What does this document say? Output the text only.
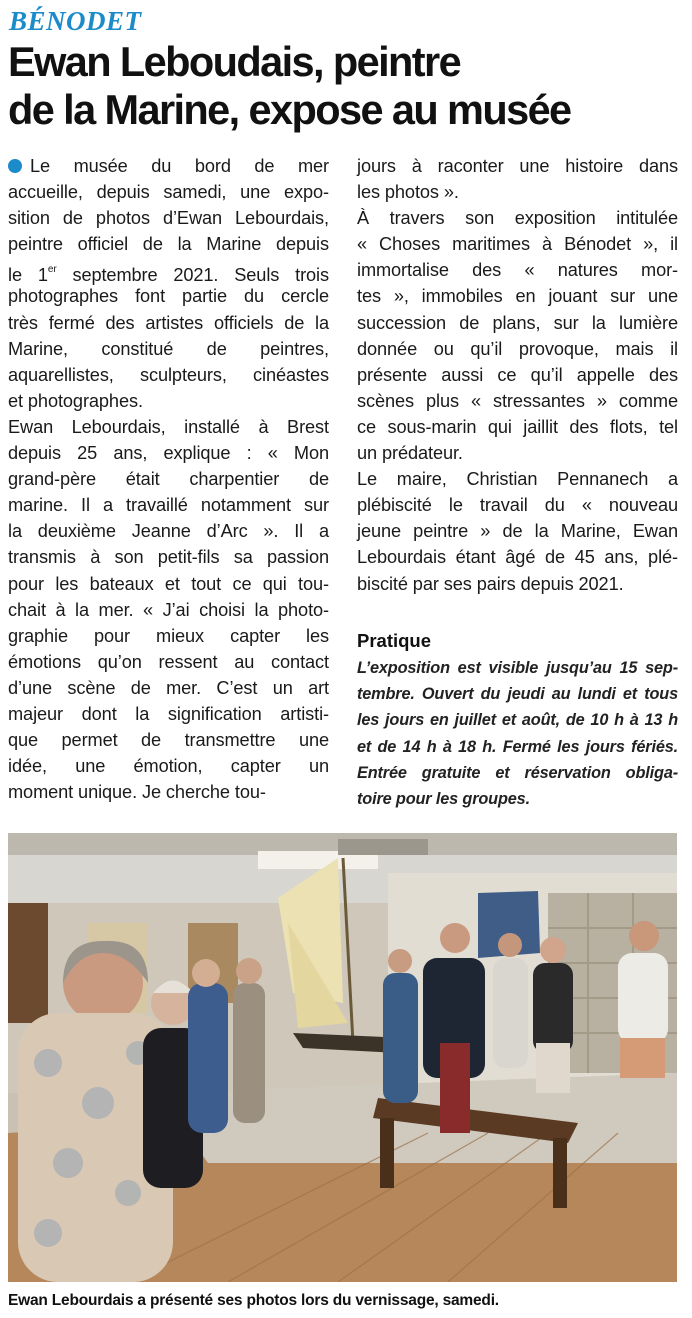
BÉNODET
Ewan Leboudais, peintre
de la Marine, expose au musée
Le musée du bord de mer
accueille, depuis samedi, une expo-
sition de photos d’Ewan Lebourdais,
peintre officiel de la Marine depuis
le 1er septembre 2021. Seuls trois
photographes font partie du cercle
très fermé des artistes officiels de la
Marine, constitué de peintres,
aquarellistes, sculpteurs, cinéastes
et photographes.
Ewan Lebourdais, installé à Brest
depuis 25 ans, explique : « Mon
grand-père était charpentier de
marine. Il a travaillé notamment sur
la deuxième Jeanne d’Arc ». Il a
transmis à son petit-fils sa passion
pour les bateaux et tout ce qui tou-
chait à la mer. « J’ai choisi la photo-
graphie pour mieux capter les
émotions qu’on ressent au contact
d’une scène de mer. C’est un art
majeur dont la signification artisti-
que permet de transmettre une
idée, une émotion, capter un
moment unique. Je cherche tou-
jours à raconter une histoire dans
les photos ».
À travers son exposition intitulée
« Choses maritimes à Bénodet », il
immortalise des « natures mor-
tes », immobiles en jouant sur une
succession de plans, sur la lumière
donnée ou qu’il provoque, mais il
présente aussi ce qu’il appelle des
scènes plus « stressantes » comme
ce sous-marin qui jaillit des flots, tel
un prédateur.
Le maire, Christian Pennanech a
plébiscité le travail du « nouveau
jeune peintre » de la Marine, Ewan
Lebourdais étant âgé de 45 ans, plé-
biscité par ses pairs depuis 2021.
Pratique
L’exposition est visible jusqu’au 15 sep-
tembre. Ouvert du jeudi au lundi et tous
les jours en juillet et août, de 10 h à 13 h
et de 14 h à 18 h. Fermé les jours fériés.
Entrée gratuite et réservation obliga-
toire pour les groupes.
Ewan Lebourdais a présenté ses photos lors du vernissage, samedi.
